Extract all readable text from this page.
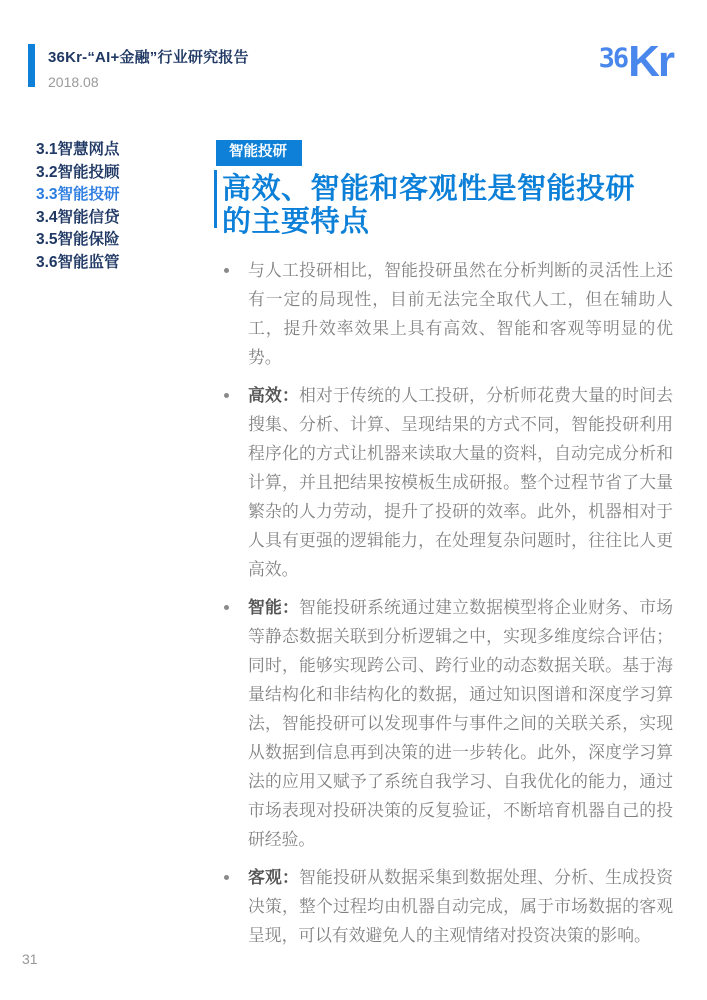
36Kr-“AI+金融”行业研究报告
2018.08
36 Kr
3.1智慧网点
3.2智能投顾
3.3智能投研
3.4智能信贷
3.5智能保险
3.6智能监管
智能投研
高效、智能和客观性是智能投研
的主要特点
与人工投研相比，智能投研虽然在分析判断的灵活性上还有一定的局现性，目前无法完全取代人工，但在辅助人工，提升效率效果上具有高效、智能和客观等明显的优势。
高效：相对于传统的人工投研，分析师花费大量的时间去搜集、分析、计算、呈现结果的方式不同，智能投研利用程序化的方式让机器来读取大量的资料，自动完成分析和计算，并且把结果按模板生成研报。整个过程节省了大量繁杂的人力劳动，提升了投研的效率。此外，机器相对于人具有更强的逻辑能力，在处理复杂问题时，往往比人更高效。
智能：智能投研系统通过建立数据模型将企业财务、市场等静态数据关联到分析逻辑之中，实现多维度综合评估；同时，能够实现跨公司、跨行业的动态数据关联。基于海量结构化和非结构化的数据，通过知识图谱和深度学习算法，智能投研可以发现事件与事件之间的关联关系，实现从数据到信息再到决策的进一步转化。此外，深度学习算法的应用又赋予了系统自我学习、自我优化的能力，通过市场表现对投研决策的反复验证，不断培育机器自己的投研经验。
客观：智能投研从数据采集到数据处理、分析、生成投资决策，整个过程均由机器自动完成，属于市场数据的客观呈现，可以有效避免人的主观情绪对投资决策的影响。
31
